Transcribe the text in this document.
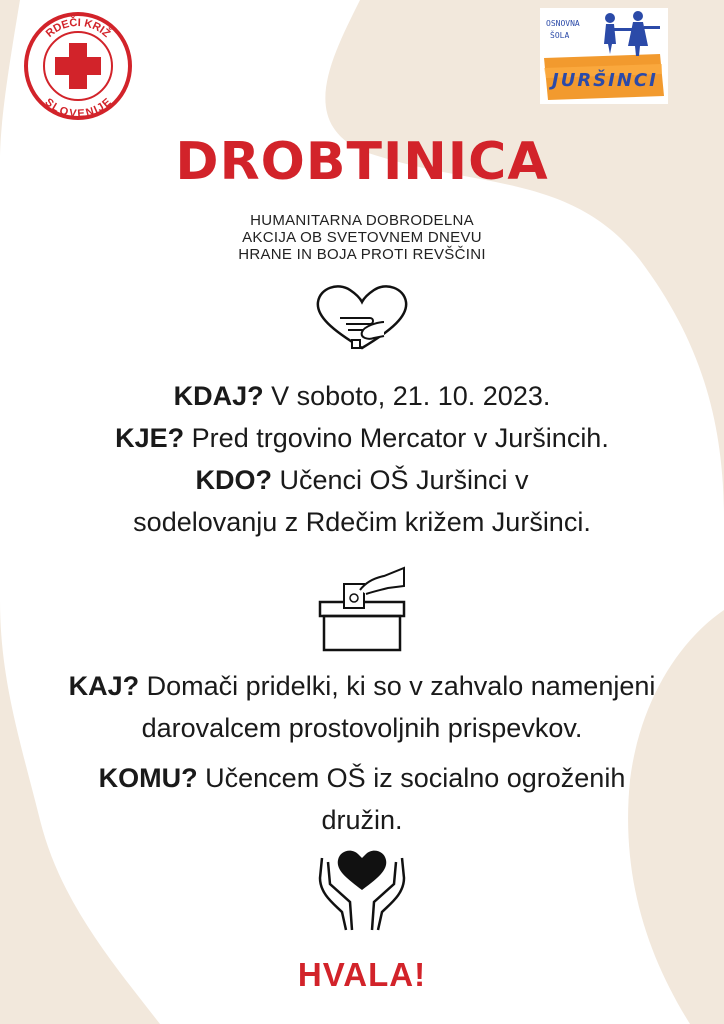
RDEČI KRIŽ
SLOVENIJE
OSNOVNA
ŠOLA
JURŠINCI
DROBTINICA
HUMANITARNA DOBRODELNA
AKCIJA OB SVETOVNEM DNEVU
HRANE IN BOJA PROTI REVŠČINI
KDAJ? V soboto, 21. 10. 2023.
KJE? Pred trgovino Mercator v Juršincih.
KDO? Učenci OŠ Juršinci v
sodelovanju z Rdečim križem Juršinci.
KAJ? Domači pridelki, ki so v zahvalo namenjeni
darovalcem prostovoljnih prispevkov.
KOMU? Učencem OŠ iz socialno ogroženih
družin.
HVALA!
